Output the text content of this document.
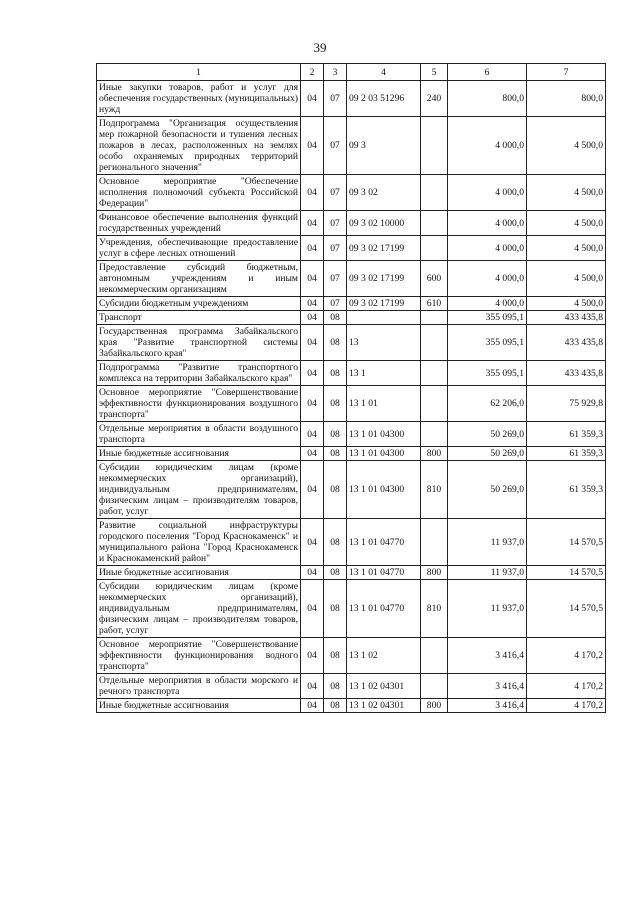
39
1	2	3	4	5	6	7
Иные закупки товаров, работ и услуг для обеспечения государственных (муниципальных) нужд	04	07	09 2 03 51296	240	800,0	800,0
Подпрограмма "Организация осуществления мер пожарной безопасности и тушения лесных пожаров в лесах, расположенных на землях особо охраняемых природных территорий регионального значения"	04	07	09 3		4 000,0	4 500,0
Основное мероприятие "Обеспечение исполнения полномочий субъекта Российской Федерации"	04	07	09 3 02		4 000,0	4 500,0
Финансовое обеспечение выполнения функций государственных учреждений	04	07	09 3 02 10000		4 000,0	4 500,0
Учреждения, обеспечивающие предоставление услуг в сфере лесных отношений	04	07	09 3 02 17199		4 000,0	4 500,0
Предоставление субсидий бюджетным, автономным учреждениям и иным некоммерческим организациям	04	07	09 3 02 17199	600	4 000,0	4 500,0
Субсидии бюджетным учреждениям	04	07	09 3 02 17199	610	4 000,0	4 500,0
Транспорт	04	08			355 095,1	433 435,8
Государственная программа Забайкальского края "Развитие транспортной системы Забайкальского края"	04	08	13		355 095,1	433 435,8
Подпрограмма "Развитие транспортного комплекса на территории Забайкальского края"	04	08	13 1		355 095,1	433 435,8
Основное мероприятие "Совершенствование эффективности функционирования воздушного транспорта"	04	08	13 1 01		62 206,0	75 929,8
Отдельные мероприятия в области воздушного транспорта	04	08	13 1 01 04300		50 269,0	61 359,3
Иные бюджетные ассигнования	04	08	13 1 01 04300	800	50 269,0	61 359,3
Субсидии юридическим лицам (кроме некоммерческих организаций), индивидуальным предпринимателям, физическим лицам – производителям товаров, работ, услуг	04	08	13 1 01 04300	810	50 269,0	61 359,3
Развитие социальной инфраструктуры городского поселения "Город Краснокаменск" и муниципального района "Город Краснокаменск и Краснокаменский район"	04	08	13 1 01 04770		11 937,0	14 570,5
Иные бюджетные ассигнования	04	08	13 1 01 04770	800	11 937,0	14 570,5
Субсидии юридическим лицам (кроме некоммерческих организаций), индивидуальным предпринимателям, физическим лицам – производителям товаров, работ, услуг	04	08	13 1 01 04770	810	11 937,0	14 570,5
Основное мероприятие "Совершенствование эффективности функционирования водного транспорта"	04	08	13 1 02		3 416,4	4 170,2
Отдельные мероприятия в области морского и речного транспорта	04	08	13 1 02 04301		3 416,4	4 170,2
Иные бюджетные ассигнования	04	08	13 1 02 04301	800	3 416,4	4 170,2
